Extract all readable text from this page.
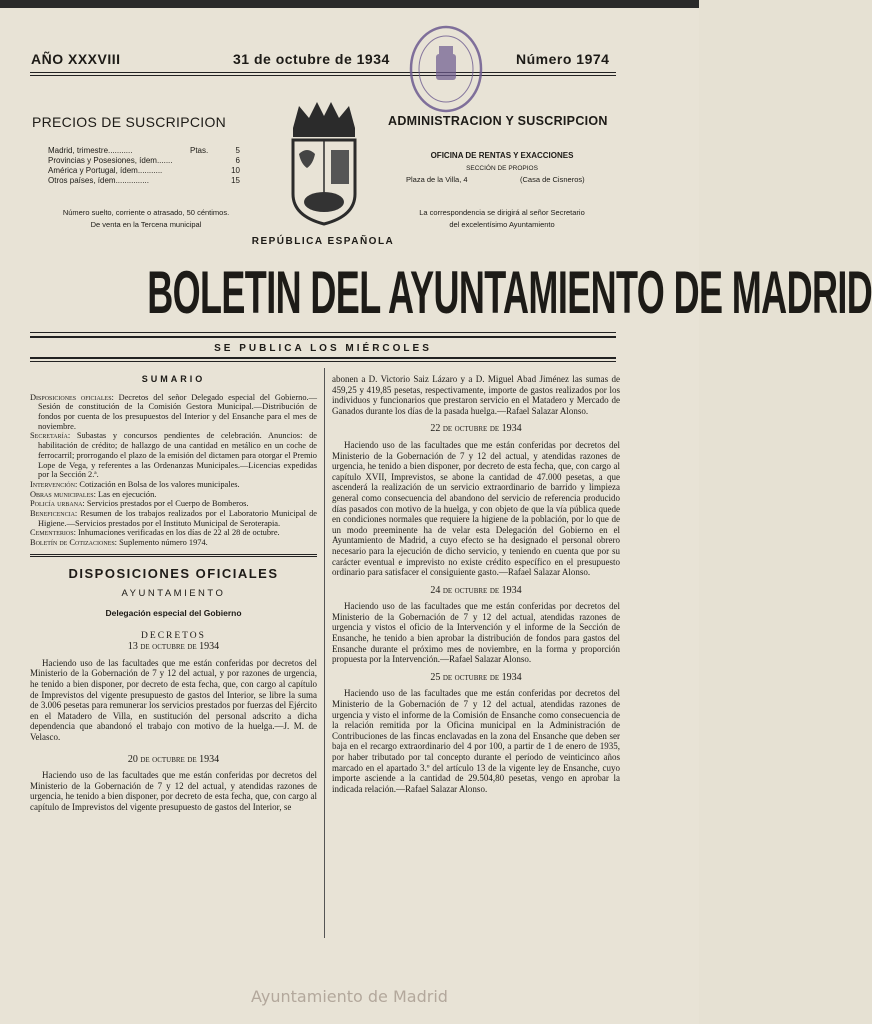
AÑO XXXVIII	31 de octubre de 1934	Número 1974
PRECIOS DE SUSCRIPCION
Madrid, trimestre...........	Ptas.	5
Provincias y Posesiones, ídem.......	6
América y Portugal, ídem...........	10
Otros países, ídem...............	15
Número suelto, corriente o atrasado, 50 céntimos.
De venta en la Tercena municipal
ADMINISTRACION Y SUSCRIPCION
OFICINA DE RENTAS Y EXACCIONES
SECCIÓN DE PROPIOS
Plaza de la Villa, 4	(Casa de Cisneros)
La correspondencia se dirigirá al señor Secretario
del excelentísimo Ayuntamiento
REPÚBLICA ESPAÑOLA
BOLETIN DEL AYUNTAMIENTO DE MADRID
SE PUBLICA LOS MIÉRCOLES
SUMARIO

Disposiciones oficiales: Decretos del señor Delegado especial del Gobierno.—Sesión de constitución de la Comisión Gestora Municipal.—Distribución de fondos por cuenta de los presupuestos del Interior y del Ensanche para el mes de noviembre.

Secretaría: Subastas y concursos pendientes de celebración. Anuncios: de habilitación de crédito; de hallazgo de una cantidad en metálico en un coche de ferrocarril; prorrogando el plazo de la emisión del dictamen para otorgar el Premio Lope de Vega, y referentes a las Ordenanzas Municipales.—Licencias expedidas por la Sección 2.ª.

Intervención: Cotización en Bolsa de los valores municipales.

Obras municipales: Las en ejecución.

Policía urbana: Servicios prestados por el Cuerpo de Bomberos.

Beneficencia: Resumen de los trabajos realizados por el Laboratorio Municipal de Higiene.—Servicios prestados por el Instituto Municipal de Seroterapia.

Cementerios: Inhumaciones verificadas en los días de 22 al 28 de octubre.

Boletín de Cotizaciones: Suplemento número 1974.

DISPOSICIONES OFICIALES
AYUNTAMIENTO
Delegación especial del Gobierno
DECRETOS
13 de octubre de 1934

Haciendo uso de las facultades que me están conferidas por decretos del Ministerio de la Gobernación de 7 y 12 del actual, y por razones de urgencia, he tenido a bien disponer, por decreto de esta fecha, que, con cargo al capítulo de Imprevistos del vigente presupuesto de gastos del Interior, se libre la suma de 3.006 pesetas para remunerar los servicios prestados por fuerzas del Ejército en el Matadero de Villa, en sustitución del personal adscrito a dicha dependencia que abandonó el trabajo con motivo de la huelga.—J. M. de Velasco.

20 de octubre de 1934

Haciendo uso de las facultades que me están conferidas por decretos del Ministerio de la Gobernación de 7 y 12 del actual, y atendidas razones de urgencia, he tenido a bien disponer, por decreto de esta fecha, que, con cargo al capítulo de Imprevistos del vigente presupuesto de gastos del Interior, se

abonen a D. Victorio Saiz Lázaro y a D. Miguel Abad Jiménez las sumas de 459,25 y 419,85 pesetas, respectivamente, importe de gastos realizados por los individuos y funcionarios que prestaron servicio en el Matadero y Mercado de Ganados durante los días de la pasada huelga.—Rafael Salazar Alonso.

22 de octubre de 1934

Haciendo uso de las facultades que me están conferidas por decretos del Ministerio de la Gobernación de 7 y 12 del actual, y atendidas razones de urgencia, he tenido a bien disponer, por decreto de esta fecha, que, con cargo al capítulo XVII, Imprevistos, se abone la cantidad de 47.000 pesetas, a que ascenderá la realización de un servicio extraordinario de barrido y limpieza general como consecuencia del abandono del servicio de referencia producido días pasados con motivo de la huelga, y con objeto de que la vía pública quede en condiciones normales que requiere la higiene de la población, por lo que de un modo preeminente ha de velar esta Delegación del Gobierno en el Ayuntamiento de Madrid, a cuyo efecto se ha designado el personal obrero necesario para la ejecución de dicho servicio, y teniendo en cuenta que por su carácter eventual e imprevisto no existe crédito específico en el presupuesto ordinario para satisfacer el consiguiente gasto.—Rafael Salazar Alonso.

24 de octubre de 1934

Haciendo uso de las facultades que me están conferidas por decretos del Ministerio de la Gobernación de 7 y 12 del actual, atendidas razones de urgencia y vistos el oficio de la Intervención y el informe de la Sección de Ensanche, he tenido a bien aprobar la distribución de fondos para gastos del Ensanche durante el próximo mes de noviembre, en la forma y proporción propuesta por la Intervención.—Rafael Salazar Alonso.

25 de octubre de 1934

Haciendo uso de las facultades que me están conferidas por decretos del Ministerio de la Gobernación de 7 y 12 del actual, atendidas razones de urgencia y visto el informe de la Comisión de Ensanche como consecuencia de la relación remitida por la Oficina municipal en la Administración de Contribuciones de las fincas enclavadas en la zona del Ensanche que deben ser baja en el recargo extraordinario del 4 por 100, a partir de 1 de enero de 1935, por haber tributado por tal concepto durante el período de veinticinco años marcado en el apartado 3.º del artículo 13 de la vigente ley de Ensanche, cuyo importe asciende a la cantidad de 29.504,80 pesetas, vengo en aprobar la indicada relación.—Rafael Salazar Alonso.

Ayuntamiento de Madrid
